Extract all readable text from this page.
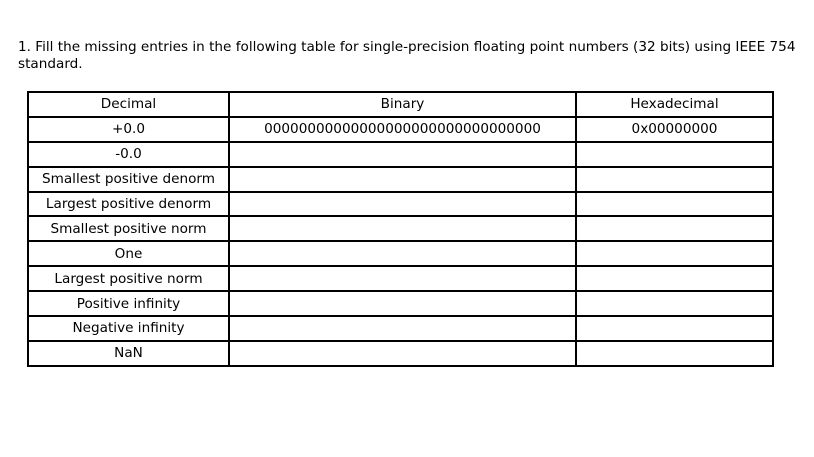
1. Fill the missing entries in the following table for single-precision floating point numbers (32 bits) using IEEE 754 standard.

Decimal	Binary	Hexadecimal
+0.0	00000000000000000000000000000000	0x00000000
-0.0		
Smallest positive denorm		
Largest positive denorm		
Smallest positive norm		
One		
Largest positive norm		
Positive infinity		
Negative infinity		
NaN		
